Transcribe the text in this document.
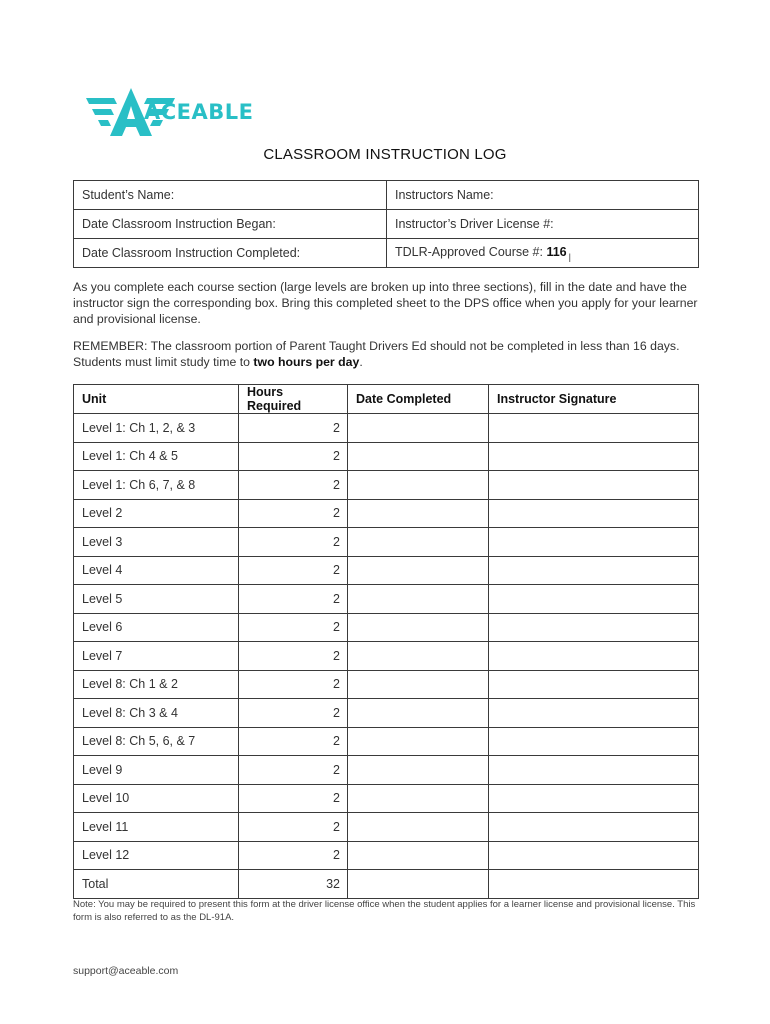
ACEABLE
CLASSROOM INSTRUCTION LOG
Student’s Name:	Instructors Name:
Date Classroom Instruction Began:	Instructor’s Driver License #:
Date Classroom Instruction Completed:	TDLR-Approved Course #: 116 $_|$
As you complete each course section (large levels are broken up into three sections), fill in the date and have the instructor sign the corresponding box. Bring this completed sheet to the DPS office when you apply for your learner and provisional license.
REMEMBER: The classroom portion of Parent Taught Drivers Ed should not be completed in less than 16 days. Students must limit study time to two hours per day.
Unit	Hours Required	Date Completed	Instructor Signature
Level 1: Ch 1, 2, & 3	2		
Level 1: Ch 4 & 5	2		
Level 1: Ch 6, 7, & 8	2		
Level 2	2		
Level 3	2		
Level 4	2		
Level 5	2		
Level 6	2		
Level 7	2		
Level 8: Ch 1 & 2	2		
Level 8: Ch 3 & 4	2		
Level 8: Ch 5, 6, & 7	2		
Level 9	2		
Level 10	2		
Level 11	2		
Level 12	2		
Total	32		
Note: You may be required to present this form at the driver license office when the student applies for a learner license and provisional license. This form is also referred to as the DL-91A.
support@aceable.com
